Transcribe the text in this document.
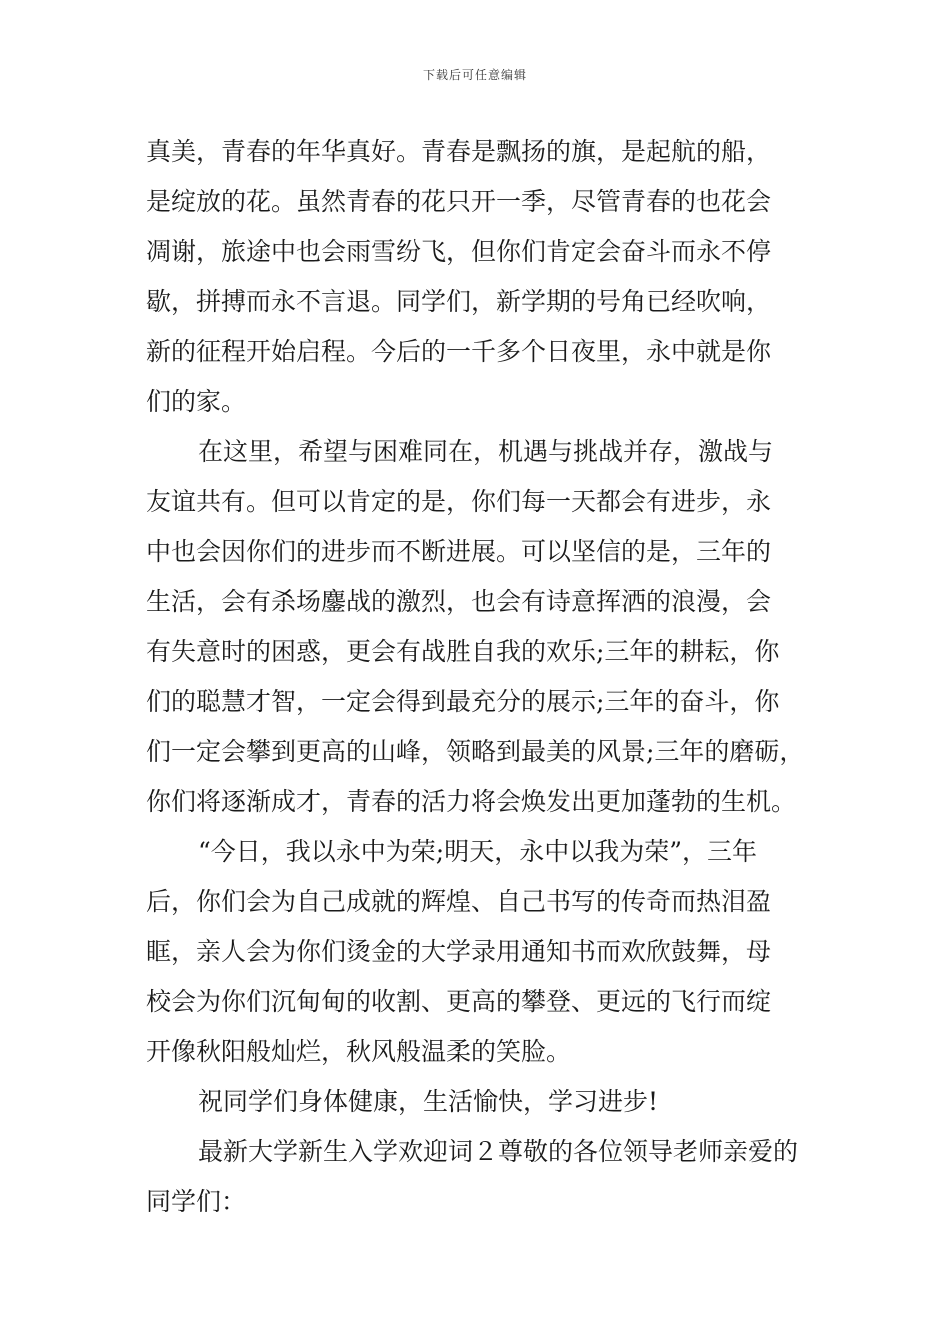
下载后可任意编辑
真美，青春的年华真好。青春是飘扬的旗，是起航的船，
是绽放的花。虽然青春的花只开一季，尽管青春的也花会
凋谢，旅途中也会雨雪纷飞，但你们肯定会奋斗而永不停
歇，拼搏而永不言退。同学们，新学期的号角已经吹响，
新的征程开始启程。今后的一千多个日夜里，永中就是你
们的家。
在这里，希望与困难同在，机遇与挑战并存，激战与
友谊共有。但可以肯定的是，你们每一天都会有进步，永
中也会因你们的进步而不断进展。可以坚信的是，三年的
生活，会有杀场鏖战的激烈，也会有诗意挥洒的浪漫，会
有失意时的困惑，更会有战胜自我的欢乐;三年的耕耘，你
们的聪慧才智，一定会得到最充分的展示;三年的奋斗，你
们一定会攀到更高的山峰，领略到最美的风景;三年的磨砺，
你们将逐渐成才，青春的活力将会焕发出更加蓬勃的生机。
“今日，我以永中为荣;明天，永中以我为荣”，三年
后，你们会为自己成就的辉煌、自己书写的传奇而热泪盈
眶，亲人会为你们烫金的大学录用通知书而欢欣鼓舞，母
校会为你们沉甸甸的收割、更高的攀登、更远的飞行而绽
开像秋阳般灿烂，秋风般温柔的笑脸。
祝同学们身体健康，生活愉快，学习进步!
最新大学新生入学欢迎词２尊敬的各位领导老师亲爱的
同学们：
